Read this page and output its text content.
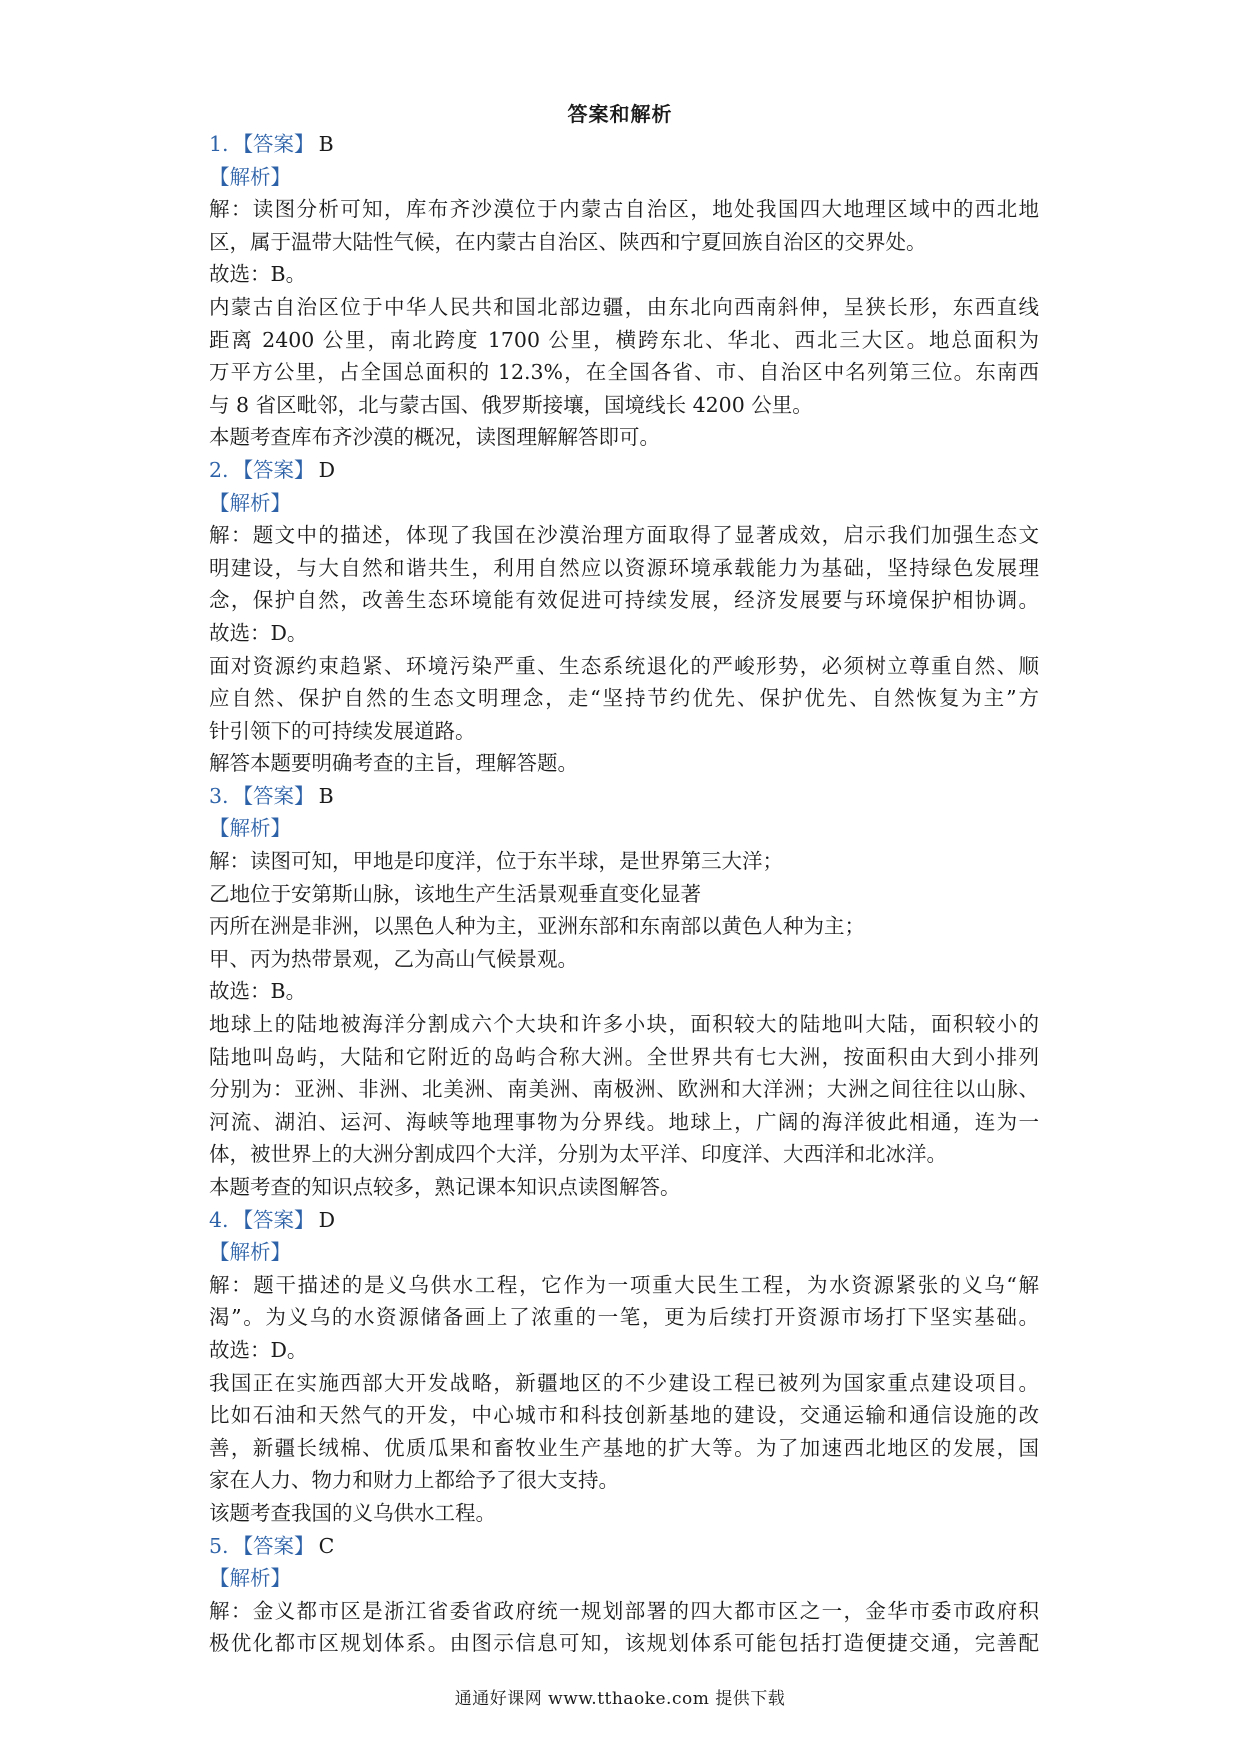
答案和解析
1. 【答案】 B
【解析】
解：读图分析可知，库布齐沙漠位于内蒙古自治区，地处我国四大地理区域中的西北地
区，属于温带大陆性气候，在内蒙古自治区、陕西和宁夏回族自治区的交界处。
故选：B。
内蒙古自治区位于中华人民共和国北部边疆，由东北向西南斜伸，呈狭长形，东西直线
距离 2400 公里，南北跨度 1700 公里，横跨东北、华北、西北三大区。地总面积为
万平方公里，占全国总面积的 12.3%，在全国各省、市、自治区中名列第三位。东南西
与 8 省区毗邻，北与蒙古国、俄罗斯接壤，国境线长 4200 公里。
本题考查库布齐沙漠的概况，读图理解解答即可。
2. 【答案】 D
【解析】
解：题文中的描述，体现了我国在沙漠治理方面取得了显著成效，启示我们加强生态文
明建设，与大自然和谐共生，利用自然应以资源环境承载能力为基础，坚持绿色发展理
念，保护自然，改善生态环境能有效促进可持续发展，经济发展要与环境保护相协调。
故选：D。
面对资源约束趋紧、环境污染严重、生态系统退化的严峻形势，必须树立尊重自然、顺
应自然、保护自然的生态文明理念，走“坚持节约优先、保护优先、自然恢复为主”方
针引领下的可持续发展道路。
解答本题要明确考查的主旨，理解答题。
3. 【答案】 B
【解析】
解：读图可知，甲地是印度洋，位于东半球，是世界第三大洋；
乙地位于安第斯山脉，该地生产生活景观垂直变化显著
丙所在洲是非洲，以黑色人种为主，亚洲东部和东南部以黄色人种为主；
甲、丙为热带景观，乙为高山气候景观。
故选：B。
地球上的陆地被海洋分割成六个大块和许多小块，面积较大的陆地叫大陆，面积较小的
陆地叫岛屿，大陆和它附近的岛屿合称大洲。全世界共有七大洲，按面积由大到小排列
分别为：亚洲、非洲、北美洲、南美洲、南极洲、欧洲和大洋洲；大洲之间往往以山脉、
河流、湖泊、运河、海峡等地理事物为分界线。地球上，广阔的海洋彼此相通，连为一
体，被世界上的大洲分割成四个大洋，分别为太平洋、印度洋、大西洋和北冰洋。
本题考查的知识点较多，熟记课本知识点读图解答。
4. 【答案】 D
【解析】
解：题干描述的是义乌供水工程，它作为一项重大民生工程，为水资源紧张的义乌“解
渴”。为义乌的水资源储备画上了浓重的一笔，更为后续打开资源市场打下坚实基础。
故选：D。
我国正在实施西部大开发战略，新疆地区的不少建设工程已被列为国家重点建设项目。
比如石油和天然气的开发，中心城市和科技创新基地的建设，交通运输和通信设施的改
善，新疆长绒棉、优质瓜果和畜牧业生产基地的扩大等。为了加速西北地区的发展，国
家在人力、物力和财力上都给予了很大支持。
该题考查我国的义乌供水工程。
5. 【答案】 C
【解析】
解：金义都市区是浙江省委省政府统一规划部署的四大都市区之一，金华市委市政府积
极优化都市区规划体系。由图示信息可知，该规划体系可能包括打造便捷交通，完善配
通通好课网 www.tthaoke.com 提供下载
